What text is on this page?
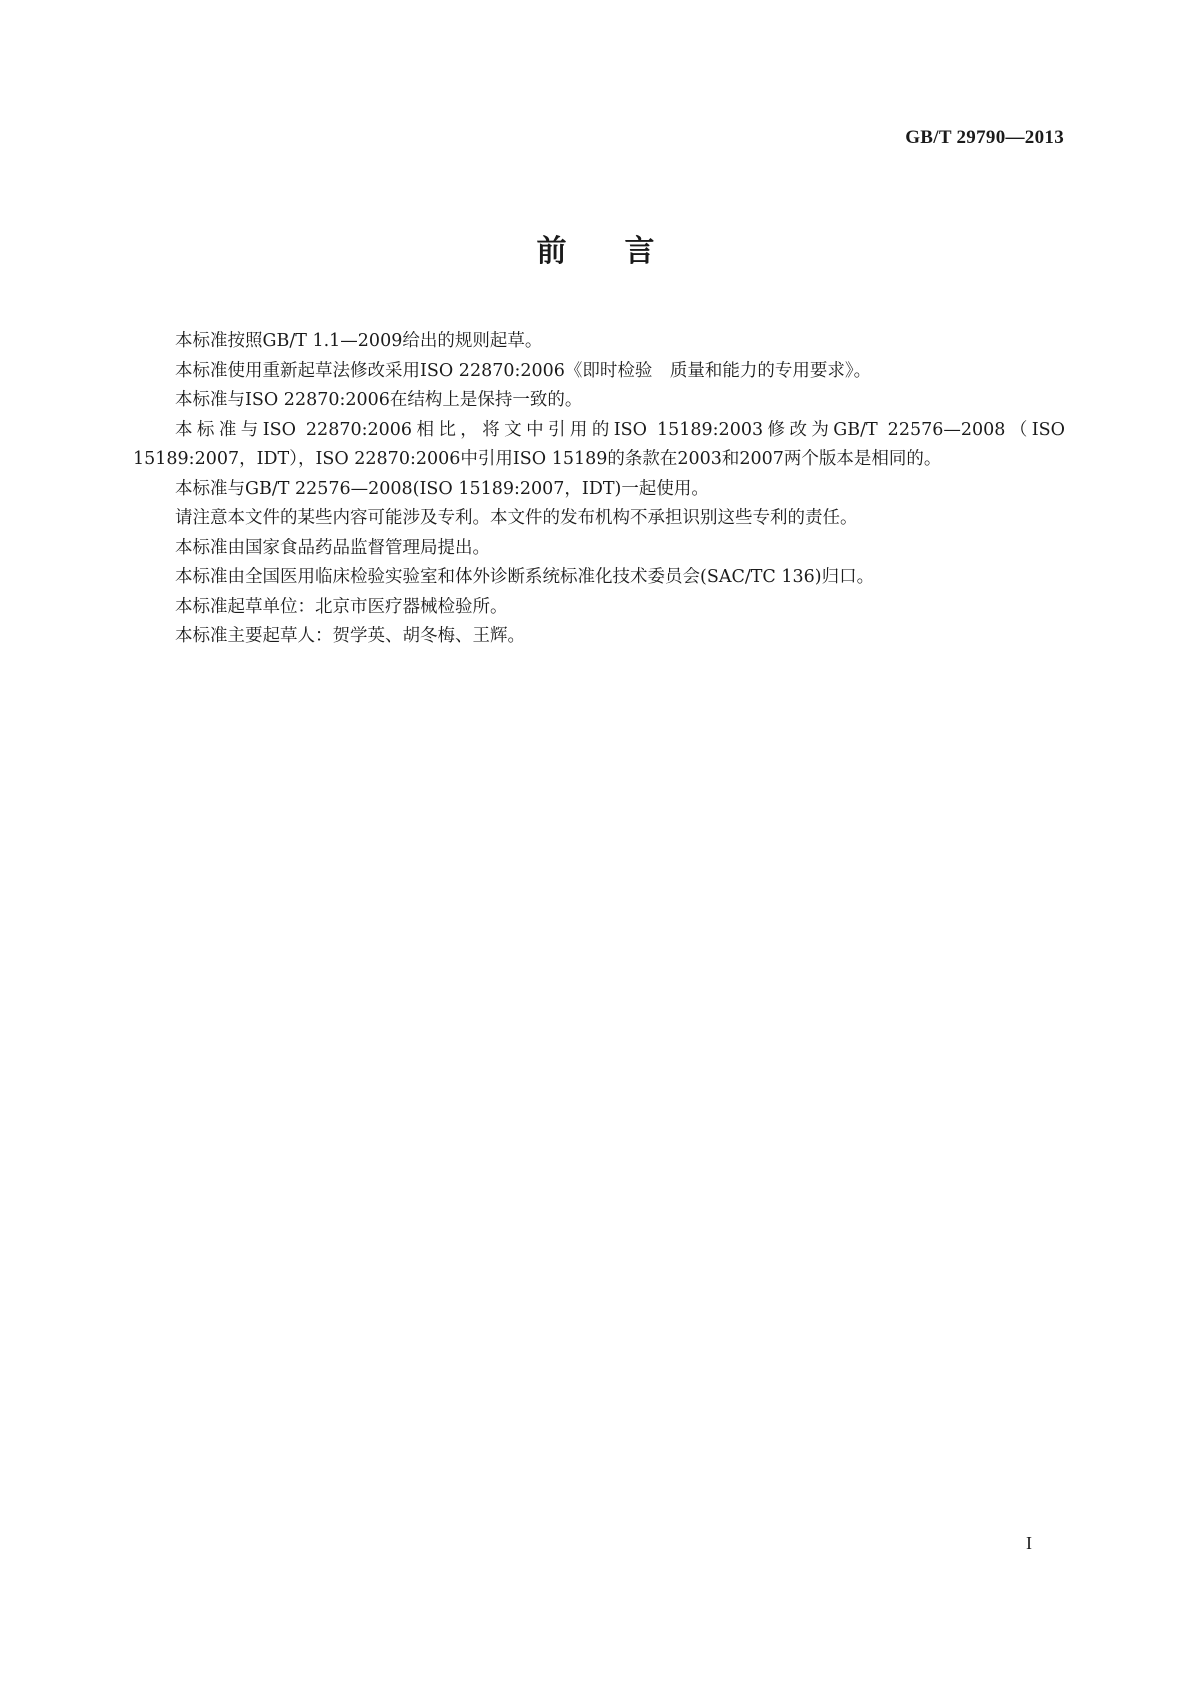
GB/T 29790—2013
前言

本标准按照GB/T 1.1—2009给出的规则起草。

本标准使用重新起草法修改采用ISO 22870:2006《即时检验　质量和能力的专用要求》。

本标准与ISO 22870:2006在结构上是保持一致的。

本标准与ISO 22870:2006相比，将文中引用的ISO 15189:2003修改为GB/T 22576—2008（ISO 15189:2007，IDT），ISO 22870:2006中引用ISO 15189的条款在2003和2007两个版本是相同的。

本标准与GB/T 22576—2008(ISO 15189:2007，IDT)一起使用。

请注意本文件的某些内容可能涉及专利。本文件的发布机构不承担识别这些专利的责任。

本标准由国家食品药品监督管理局提出。

本标准由全国医用临床检验实验室和体外诊断系统标准化技术委员会(SAC/TC 136)归口。

本标准起草单位：北京市医疗器械检验所。

本标准主要起草人：贺学英、胡冬梅、王辉。

I
